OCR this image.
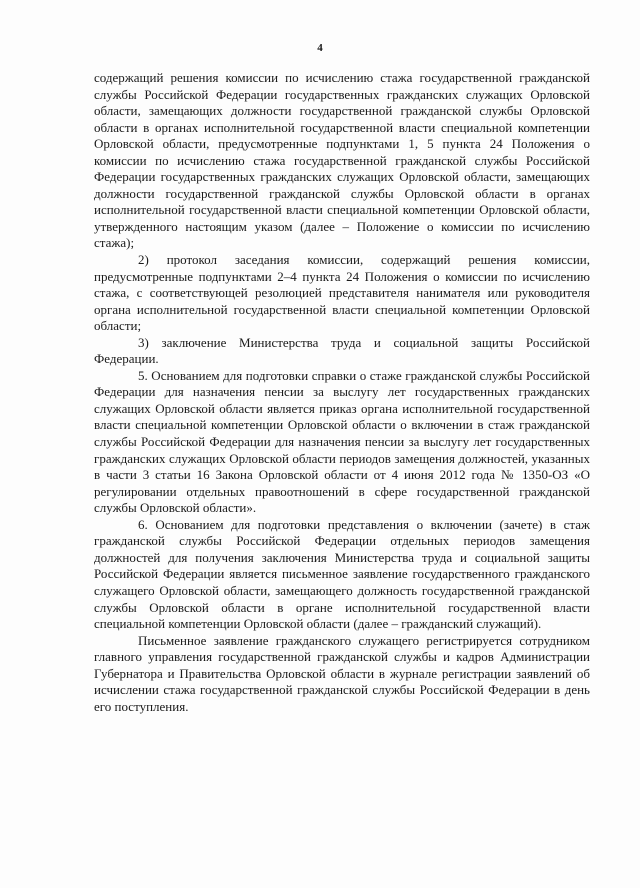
4

содержащий решения комиссии по исчислению стажа государственной гражданской службы Российской Федерации государственных гражданских служащих Орловской области, замещающих должности государственной гражданской службы Орловской области в органах исполнительной государственной власти специальной компетенции Орловской области, предусмотренные подпунктами 1, 5 пункта 24 Положения о комиссии по исчислению стажа государственной гражданской службы Российской Федерации государственных гражданских служащих Орловской области, замещающих должности государственной гражданской службы Орловской области в органах исполнительной государственной власти специальной компетенции Орловской области, утвержденного настоящим указом (далее – Положение о комиссии по исчислению стажа);

2) протокол заседания комиссии, содержащий решения комиссии, предусмотренные подпунктами 2–4 пункта 24 Положения о комиссии по исчислению стажа, с соответствующей резолюцией представителя нанимателя или руководителя органа исполнительной государственной власти специальной компетенции Орловской области;

3) заключение Министерства труда и социальной защиты Российской Федерации.

5. Основанием для подготовки справки о стаже гражданской службы Российской Федерации для назначения пенсии за выслугу лет государственных гражданских служащих Орловской области является приказ органа исполнительной государственной власти специальной компетенции Орловской области о включении в стаж гражданской службы Российской Федерации для назначения пенсии за выслугу лет государственных гражданских служащих Орловской области периодов замещения должностей, указанных в части 3 статьи 16 Закона Орловской области от 4 июня 2012 года № 1350-ОЗ «О регулировании отдельных правоотношений в сфере государственной гражданской службы Орловской области».

6. Основанием для подготовки представления о включении (зачете) в стаж гражданской службы Российской Федерации отдельных периодов замещения должностей для получения заключения Министерства труда и социальной защиты Российской Федерации является письменное заявление государственного гражданского служащего Орловской области, замещающего должность государственной гражданской службы Орловской области в органе исполнительной государственной власти специальной компетенции Орловской области (далее – гражданский служащий).

Письменное заявление гражданского служащего регистрируется сотрудником главного управления государственной гражданской службы и кадров Администрации Губернатора и Правительства Орловской области в журнале регистрации заявлений об исчислении стажа государственной гражданской службы Российской Федерации в день его поступления.
